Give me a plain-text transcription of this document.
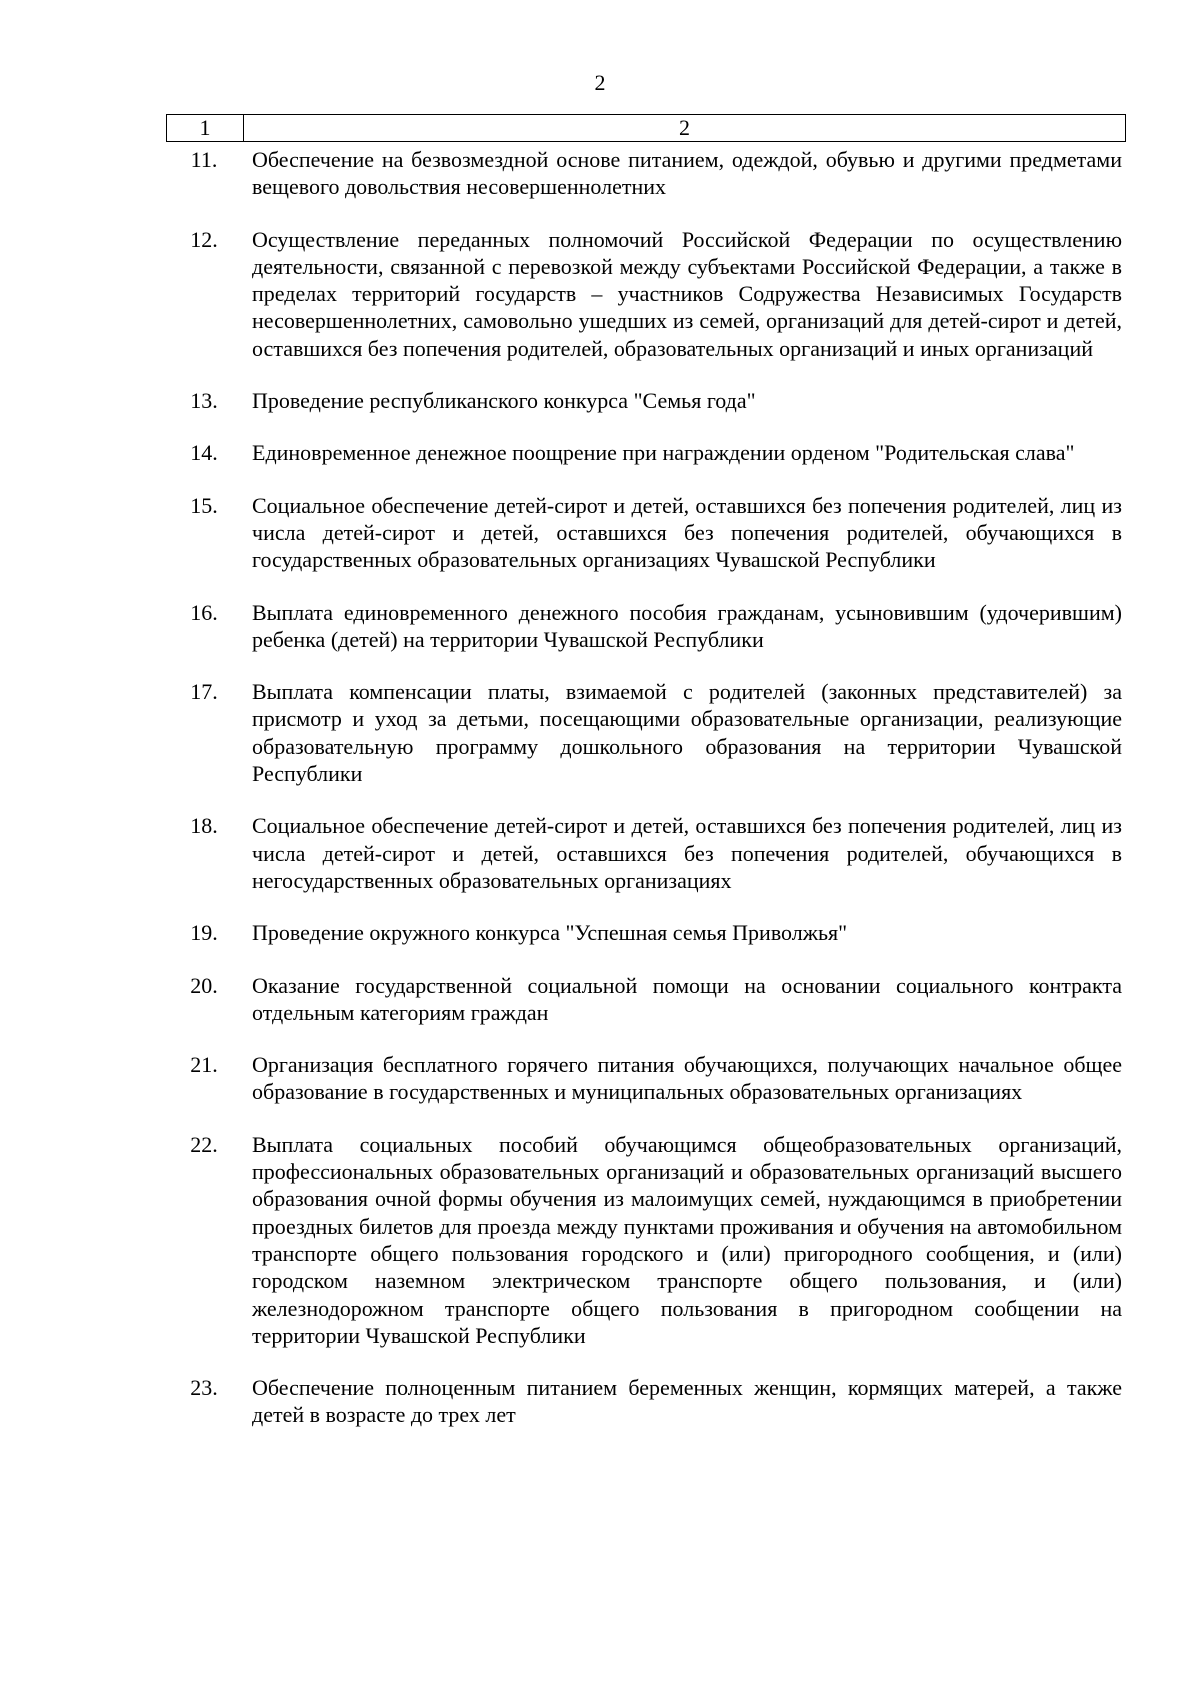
2
1	2
11.	Обеспечение на безвозмездной основе питанием, одеждой, обувью и другими предметами вещевого довольствия несовершеннолетних
12.	Осуществление переданных полномочий Российской Федерации по осуществлению деятельности, связанной с перевозкой между субъектами Российской Федерации, а также в пределах территорий государств – участников Содружества Независимых Государств несовершеннолетних, самовольно ушедших из семей, организаций для детей-сирот и детей, оставшихся без попечения родителей, образовательных организаций и иных организаций
13.	Проведение республиканского конкурса "Семья года"
14.	Единовременное денежное поощрение при награждении орденом "Родительская слава"
15.	Социальное обеспечение детей-сирот и детей, оставшихся без попечения родителей, лиц из числа детей-сирот и детей, оставшихся без попечения родителей, обучающихся в государственных образовательных организациях Чувашской Республики
16.	Выплата единовременного денежного пособия гражданам, усыновившим (удочерившим) ребенка (детей) на территории Чувашской Республики
17.	Выплата компенсации платы, взимаемой с родителей (законных представителей) за присмотр и уход за детьми, посещающими образовательные организации, реализующие образовательную программу дошкольного образования на территории Чувашской Республики
18.	Социальное обеспечение детей-сирот и детей, оставшихся без попечения родителей, лиц из числа детей-сирот и детей, оставшихся без попечения родителей, обучающихся в негосударственных образовательных организациях
19.	Проведение окружного конкурса "Успешная семья Приволжья"
20.	Оказание государственной социальной помощи на основании социального контракта отдельным категориям граждан
21.	Организация бесплатного горячего питания обучающихся, получающих начальное общее образование в государственных и муниципальных образовательных организациях
22.	Выплата социальных пособий обучающимся общеобразовательных организаций, профессиональных образовательных организаций и образовательных организаций высшего образования очной формы обучения из малоимущих семей, нуждающимся в приобретении проездных билетов для проезда между пунктами проживания и обучения на автомобильном транспорте общего пользования городского и (или) пригородного сообщения, и (или) городском наземном электрическом транспорте общего пользования, и (или) железнодорожном транспорте общего пользования в пригородном сообщении на территории Чувашской Республики
23.	Обеспечение полноценным питанием беременных женщин, кормящих матерей, а также детей в возрасте до трех лет
